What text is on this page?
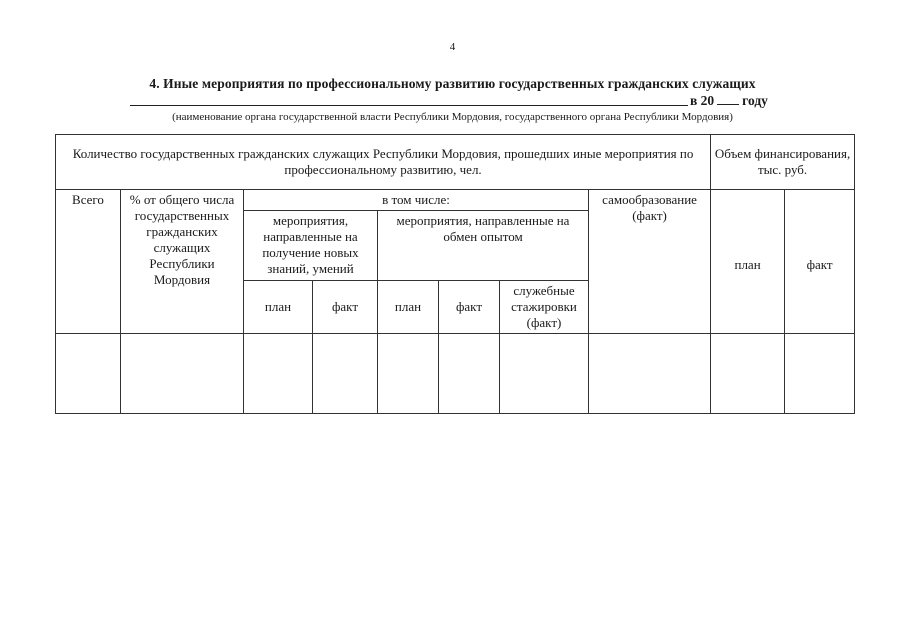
4
4. Иные мероприятия по профессиональному развитию государственных гражданских служащих
в 20 году
(наименование органа государственной власти Республики Мордовия, государственного органа Республики Мордовия)
Количество государственных гражданских служащих Республики Мордовия, прошедших иные мероприятия по профессиональному развитию, чел.								Объем финансирования, тыс. руб.	
Всего	% от общего числа государственных гражданских служащих Республики Мордовия	в том числе:					самообразование (факт)	план	факт
		мероприятия, направленные на получение новых знаний, умений		мероприятия, направленные на обмен опытом					
		план	факт	план	факт	служебные стажировки (факт)			
